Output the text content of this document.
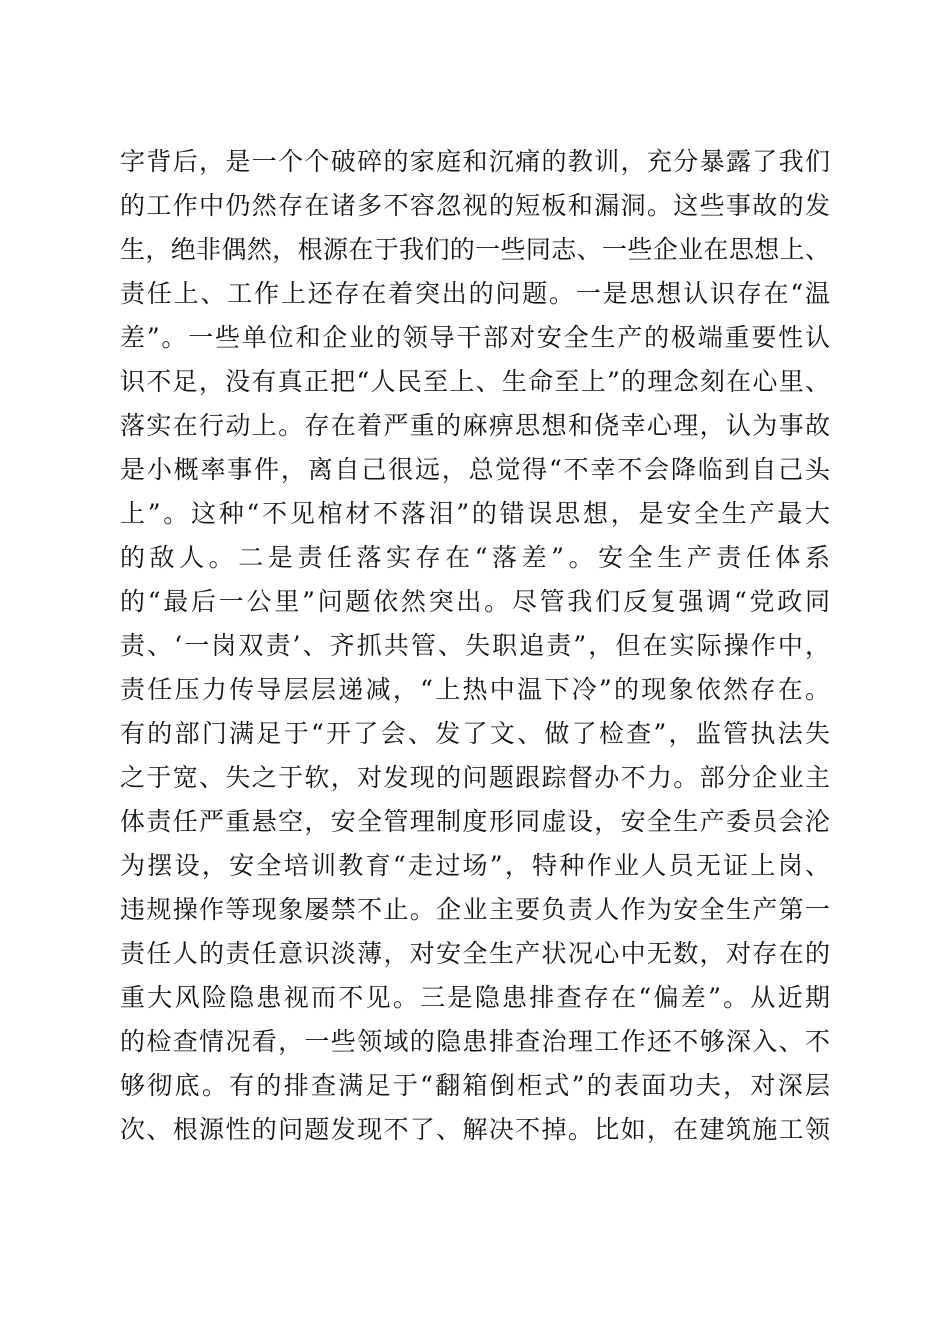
字背后，是一个个破碎的家庭和沉痛的教训，充分暴露了我们
的工作中仍然存在诸多不容忽视的短板和漏洞。这些事故的发
生，绝非偶然，根源在于我们的一些同志、一些企业在思想上、
责任上、工作上还存在着突出的问题。一是思想认识存在“温
差”。一些单位和企业的领导干部对安全生产的极端重要性认
识不足，没有真正把“人民至上、生命至上”的理念刻在心里、
落实在行动上。存在着严重的麻痹思想和侥幸心理，认为事故
是小概率事件，离自己很远，总觉得“不幸不会降临到自己头
上”。这种“不见棺材不落泪”的错误思想，是安全生产最大
的敌人。二是责任落实存在“落差”。安全生产责任体系
的“最后一公里”问题依然突出。尽管我们反复强调“党政同
责、‘一岗双责’、齐抓共管、失职追责”，但在实际操作中，
责任压力传导层层递减，“上热中温下冷”的现象依然存在。
有的部门满足于“开了会、发了文、做了检查”，监管执法失
之于宽、失之于软，对发现的问题跟踪督办不力。部分企业主
体责任严重悬空，安全管理制度形同虚设，安全生产委员会沦
为摆设，安全培训教育“走过场”，特种作业人员无证上岗、
违规操作等现象屡禁不止。企业主要负责人作为安全生产第一
责任人的责任意识淡薄，对安全生产状况心中无数，对存在的
重大风险隐患视而不见。三是隐患排查存在“偏差”。从近期
的检查情况看，一些领域的隐患排查治理工作还不够深入、不
够彻底。有的排查满足于“翻箱倒柜式”的表面功夫，对深层
次、根源性的问题发现不了、解决不掉。比如，在建筑施工领
